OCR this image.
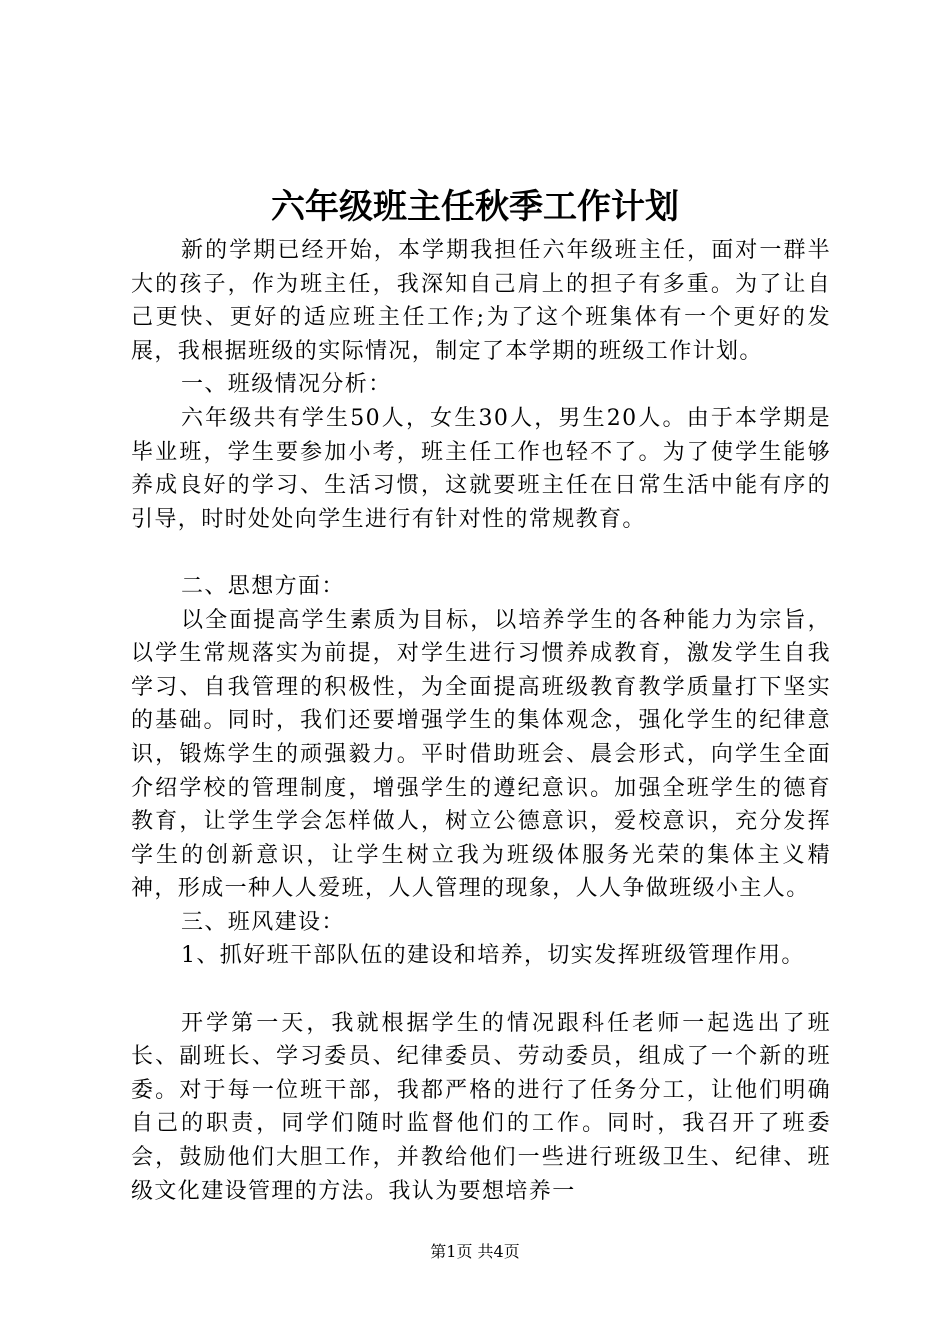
六年级班主任秋季工作计划

新的学期已经开始，本学期我担任六年级班主任，面对一群半大的孩子，作为班主任，我深知自己肩上的担子有多重。为了让自己更快、更好的适应班主任工作;为了这个班集体有一个更好的发展，我根据班级的实际情况，制定了本学期的班级工作计划。

一、班级情况分析：

六年级共有学生50人，女生30人，男生20人。由于本学期是毕业班，学生要参加小考，班主任工作也轻不了。为了使学生能够养成良好的学习、生活习惯，这就要班主任在日常生活中能有序的引导，时时处处向学生进行有针对性的常规教育。

二、思想方面：

以全面提高学生素质为目标，以培养学生的各种能力为宗旨，以学生常规落实为前提，对学生进行习惯养成教育，激发学生自我学习、自我管理的积极性，为全面提高班级教育教学质量打下坚实的基础。同时，我们还要增强学生的集体观念，强化学生的纪律意识，锻炼学生的顽强毅力。平时借助班会、晨会形式，向学生全面介绍学校的管理制度，增强学生的遵纪意识。加强全班学生的德育教育，让学生学会怎样做人，树立公德意识，爱校意识，充分发挥学生的创新意识，让学生树立我为班级体服务光荣的集体主义精神，形成一种人人爱班，人人管理的现象，人人争做班级小主人。

三、班风建设：

1、抓好班干部队伍的建设和培养，切实发挥班级管理作用。

开学第一天，我就根据学生的情况跟科任老师一起选出了班长、副班长、学习委员、纪律委员、劳动委员，组成了一个新的班委。对于每一位班干部，我都严格的进行了任务分工，让他们明确自己的职责，同学们随时监督他们的工作。同时，我召开了班委会，鼓励他们大胆工作，并教给他们一些进行班级卫生、纪律、班级文化建设管理的方法。我认为要想培养一

第1页 共4页
